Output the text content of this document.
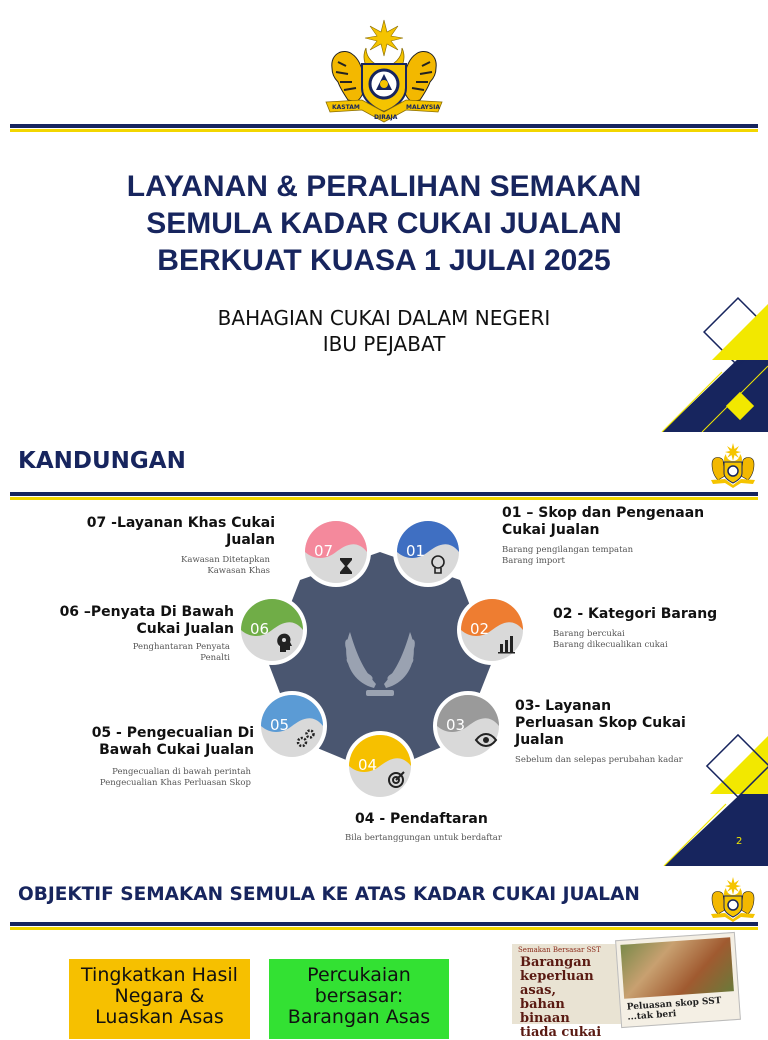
KASTAM	MALAYSIA
DIRAJA
LAYANAN & PERALIHAN SEMAKAN
SEMULA KADAR CUKAI JUALAN
BERKUAT KUASA 1 JULAI 2025
BAHAGIAN CUKAI DALAM NEGERI
IBU PEJABAT
KANDUNGAN
07	01
06	02
05	03
04
07 -Layanan Khas Cukai
Jualan
Kawasan Ditetapkan
Kawasan Khas
01 – Skop dan Pengenaan
Cukai Jualan
Barang pengilangan tempatan
Barang import
06 –Penyata Di Bawah
Cukai Jualan
Penghantaran Penyata
Penalti
02 - Kategori Barang
Barang bercukai
Barang dikecualikan cukai
05 - Pengecualian Di
Bawah Cukai Jualan
Pengecualian di bawah perintah
Pengecualian Khas Perluasan Skop
03- Layanan
Perluasan Skop Cukai
Jualan
Sebelum dan selepas perubahan kadar
04 - Pendaftaran
Bila bertanggungan untuk berdaftar	2
OBJEKTIF SEMAKAN SEMULA KE ATAS KADAR CUKAI JUALAN
Tingkatkan Hasil
Negara &
Luaskan Asas
Percukaian
bersasar:
Barangan Asas
Semakan Bersasar SST
Barangan
keperluan asas,
bahan binaan
tiada cukai
Peluasan skop SST
...tak beri
